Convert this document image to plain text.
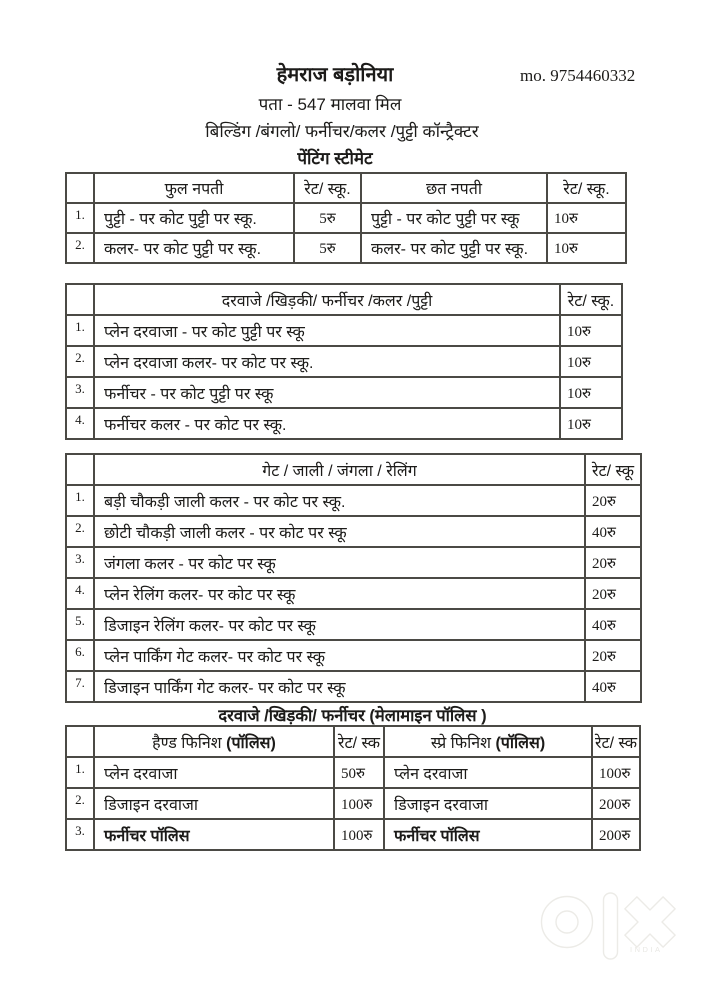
हेमराज बड़ोनिया	mo. 9754460332
पता - 547 मालवा मिल
बिल्डिंग /बंगलो/ फर्नीचर/कलर /पुट्टी कॉन्ट्रैक्टर
पेंटिंग स्टीमेट
	फुल नपती	रेट/ स्कू.	छत नपती	रेट/ स्कू.
1.	पुट्टी - पर कोट पुट्टी पर स्कू.	5रु	पुट्टी - पर कोट पुट्टी पर स्कू	10रु
2.	कलर- पर कोट पुट्टी पर स्कू.	5रु	कलर- पर कोट पुट्टी पर स्कू.	10रु
	दरवाजे /खिड़की/ फर्नीचर /कलर /पुट्टी	रेट/ स्कू.
1.	प्लेन दरवाजा - पर कोट पुट्टी पर स्कू	10रु
2.	प्लेन दरवाजा कलर- पर कोट पर स्कू.	10रु
3.	फर्नीचर - पर कोट पुट्टी पर स्कू	10रु
4.	फर्नीचर कलर - पर कोट पर स्कू.	10रु
	गेट / जाली / जंगला / रेलिंग	रेट/ स्कू
1.	बड़ी चौकड़ी जाली कलर - पर कोट पर स्कू.	20रु
2.	छोटी चौकड़ी जाली कलर - पर कोट पर स्कू	40रु
3.	जंगला कलर - पर कोट पर स्कू	20रु
4.	प्लेन रेलिंग कलर- पर कोट पर स्कू	20रु
5.	डिजाइन रेलिंग कलर- पर कोट पर स्कू	40रु
6.	प्लेन पार्किंग गेट कलर- पर कोट पर स्कू	20रु
7.	डिजाइन पार्किंग गेट कलर- पर कोट पर स्कू	40रु
दरवाजे /खिड़की/ फर्नीचर (मेलामाइन पॉलिस )
	हैण्ड फिनिश (पॉलिस)	रेट/ स्क	स्प्रे फिनिश (पॉलिस)	रेट/ स्क
1.	प्लेन दरवाजा	50रु	प्लेन दरवाजा	100रु
2.	डिजाइन दरवाजा	100रु	डिजाइन दरवाजा	200रु
3.	फर्नीचर पॉलिस	100रु	फर्नीचर पॉलिस	200रु
INDIA
